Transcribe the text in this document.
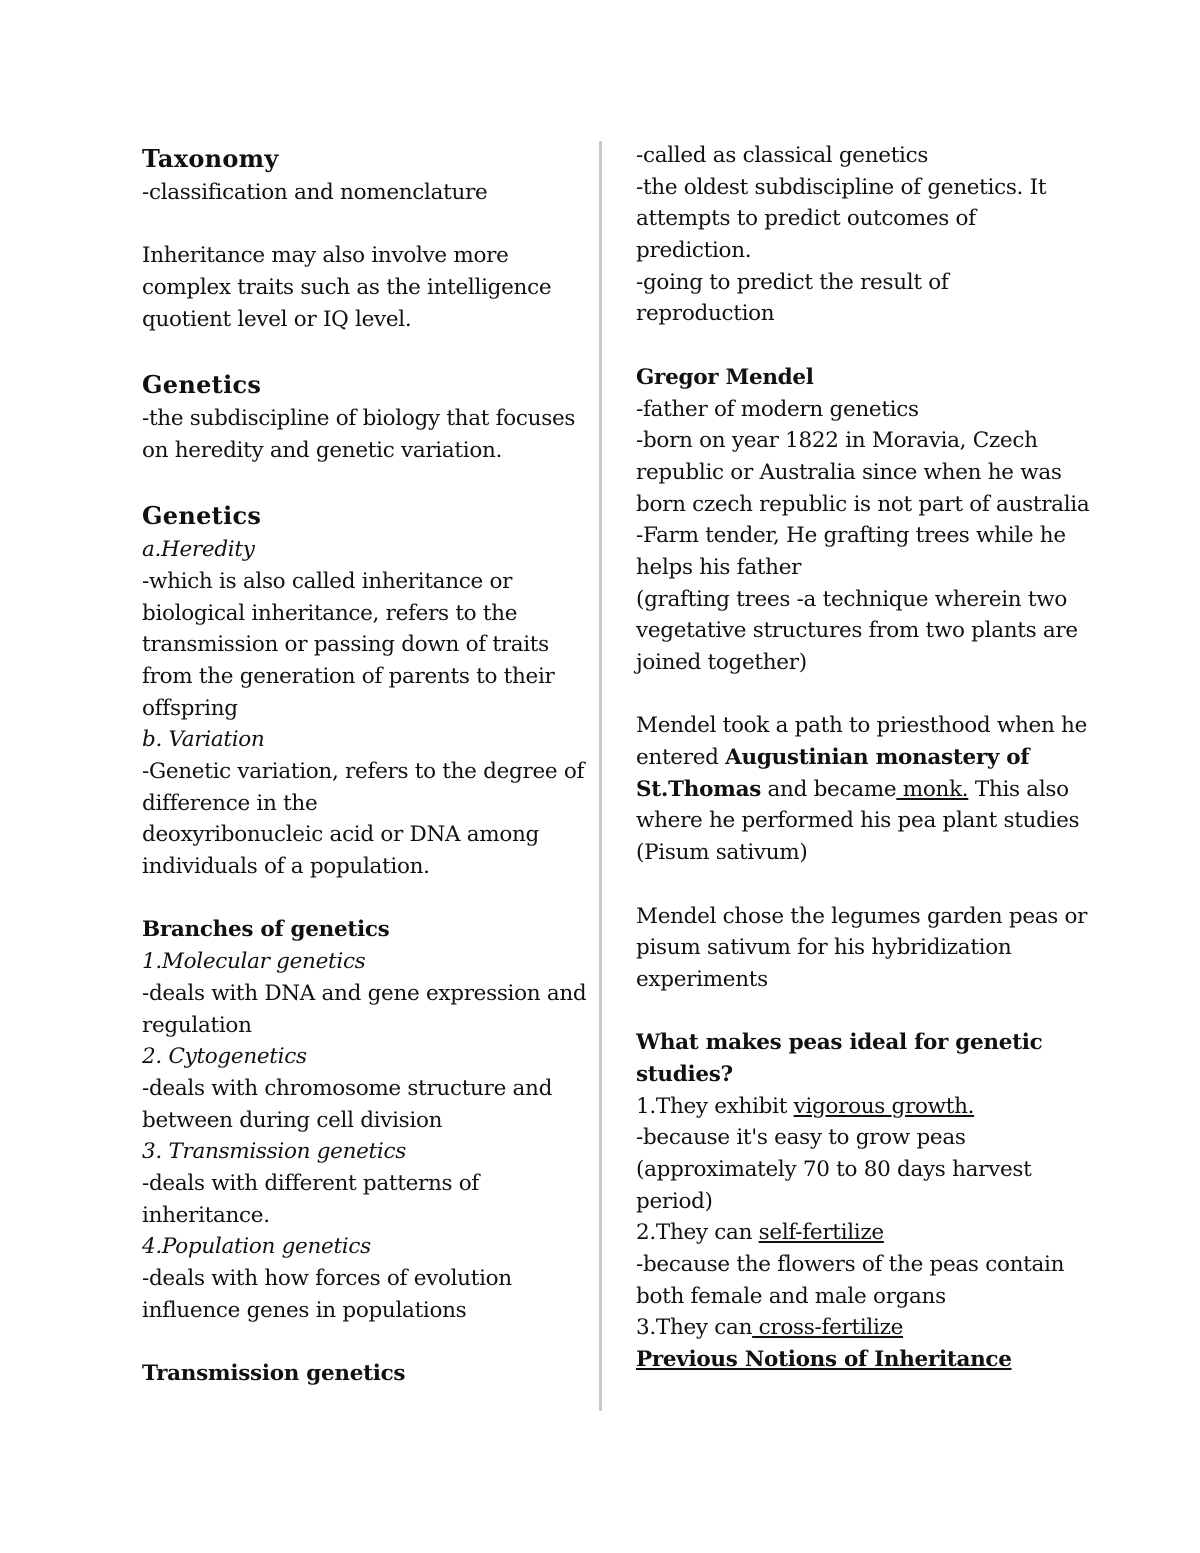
Taxonomy
-classification and nomenclature
Inheritance may also involve more
complex traits such as the intelligence
quotient level or IQ level.
Genetics
-the subdiscipline of biology that focuses
on heredity and genetic variation.
Genetics
a.Heredity
-which is also called inheritance or
biological inheritance, refers to the
transmission or passing down of traits
from the generation of parents to their
offspring
b. Variation
-Genetic variation, refers to the degree of
difference in the
deoxyribonucleic acid or DNA among
individuals of a population.
Branches of genetics
1.Molecular genetics
-deals with DNA and gene expression and
regulation
2. Cytogenetics
-deals with chromosome structure and
between during cell division
3. Transmission genetics
-deals with different patterns of
inheritance.
4.Population genetics
-deals with how forces of evolution
influence genes in populations
Transmission genetics
-called as classical genetics
-the oldest subdiscipline of genetics. It
attempts to predict outcomes of
prediction.
-going to predict the result of
reproduction
Gregor Mendel
-father of modern genetics
-born on year 1822 in Moravia, Czech
republic or Australia since when he was
born czech republic is not part of australia
-Farm tender, He grafting trees while he
helps his father
(grafting trees -a technique wherein two
vegetative structures from two plants are
joined together)
Mendel took a path to priesthood when he
entered Augustinian monastery of
St.Thomas and became monk. This also
where he performed his pea plant studies
(Pisum sativum)
Mendel chose the legumes garden peas or
pisum sativum for his hybridization
experiments
What makes peas ideal for genetic
studies?
1.They exhibit vigorous growth.
-because it's easy to grow peas
(approximately 70 to 80 days harvest
period)
2.They can self-fertilize
-because the flowers of the peas contain
both female and male organs
3.They can cross-fertilize
Previous Notions of Inheritance
